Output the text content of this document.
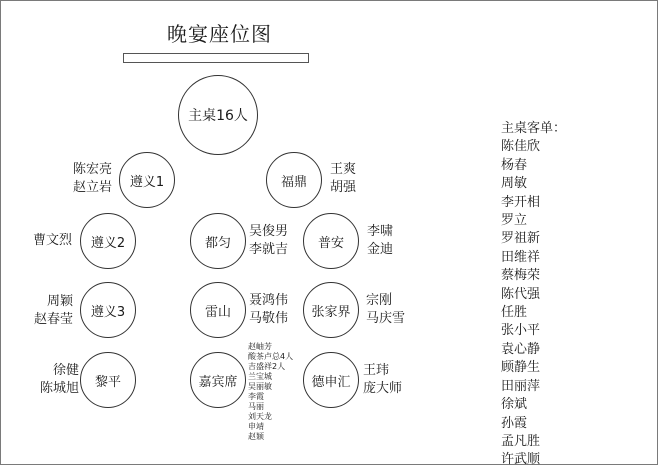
晚宴座位图
主桌16人
陈宏亮
赵立岩 遵义1	福鼎
王爽
胡强
曹文烈 遵义2	都匀
吴俊男
李就吉 普安
李啸
金迪
周颖
赵春莹 遵义3	雷山
聂鸿伟
马敬伟 张家界
宗刚
马庆雪
徐健
陈城旭 黎平	嘉宾席
赵岫芳
酸茶卢总4人
吉盛祥2人
兰宝城
吴丽敏
李霞
马丽
刘天龙
申靖
赵颖
德申汇
王玮
庞大师
主桌客单：
陈佳欣
杨春
周敏
李开相
罗立
罗祖新
田维祥
蔡梅荣
陈代强
任胜
张小平
袁心静
顾静生
田丽萍
徐斌
孙霞
孟凡胜
许武顺
